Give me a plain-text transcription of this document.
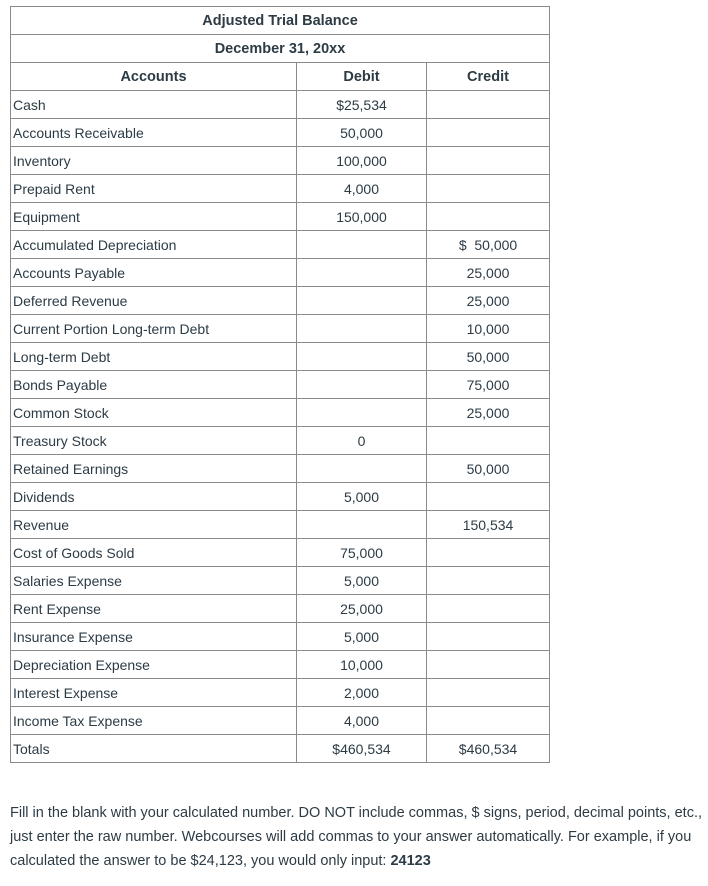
Adjusted Trial Balance		
December 31, 20xx		
Accounts	Debit	Credit
Cash	$25,534	
Accounts Receivable	50,000	
Inventory	100,000	
Prepaid Rent	4,000	
Equipment	150,000	
Accumulated Depreciation		$  50,000
Accounts Payable		25,000
Deferred Revenue		25,000
Current Portion Long-term Debt		10,000
Long-term Debt		50,000
Bonds Payable		75,000
Common Stock		25,000
Treasury Stock	0	
Retained Earnings		50,000
Dividends	5,000	
Revenue		150,534
Cost of Goods Sold	75,000	
Salaries Expense	5,000	
Rent Expense	25,000	
Insurance Expense	5,000	
Depreciation Expense	10,000	
Interest Expense	2,000	
Income Tax Expense	4,000	
Totals	$460,534	$460,534
Fill in the blank with your calculated number. DO NOT include commas, $ signs, period, decimal points, etc., just enter the raw number. Webcourses will add commas to your answer automatically. For example, if you calculated the answer to be $24,123, you would only input: 24123
